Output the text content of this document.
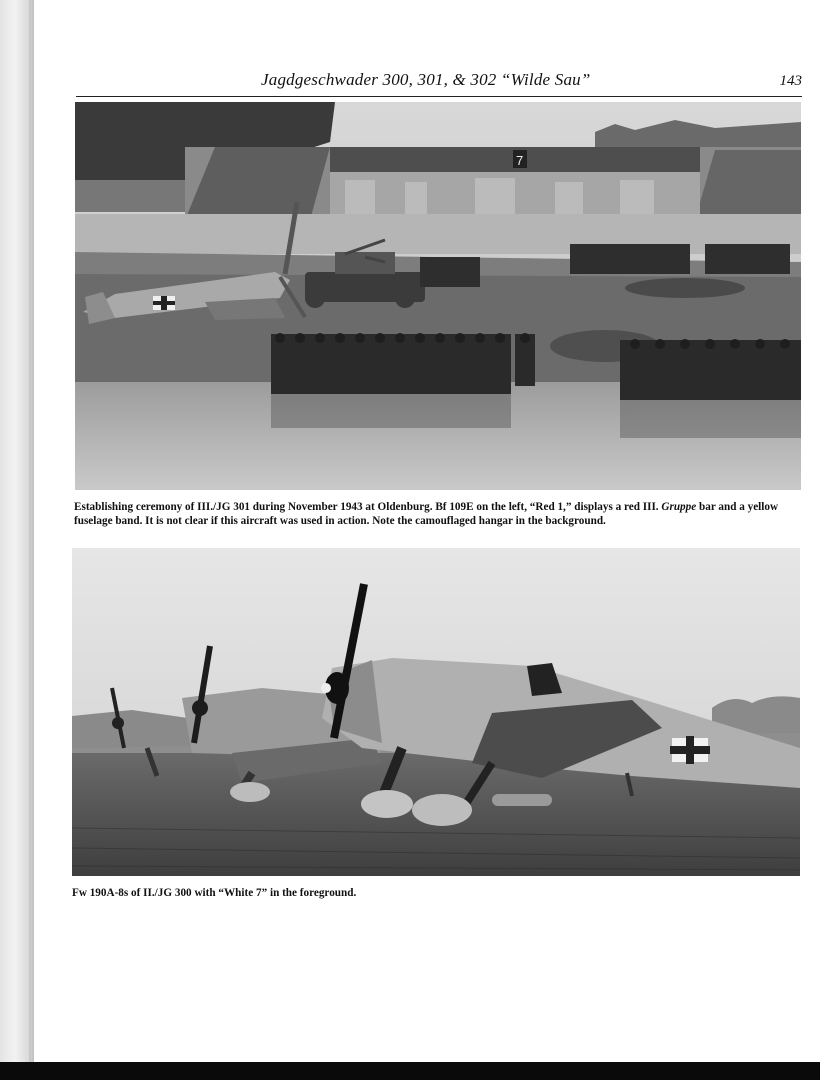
Jagdgeschwader 300, 301, & 302 “Wilde Sau”	143
7
Establishing ceremony of III./JG 301 during November 1943 at Oldenburg. Bf 109E on the left, “Red 1,” displays a red III. Gruppe bar and a yellow fuselage band. It is not clear if this aircraft was used in action. Note the camouflaged hangar in the background.
Fw 190A-8s of II./JG 300 with “White 7” in the foreground.
